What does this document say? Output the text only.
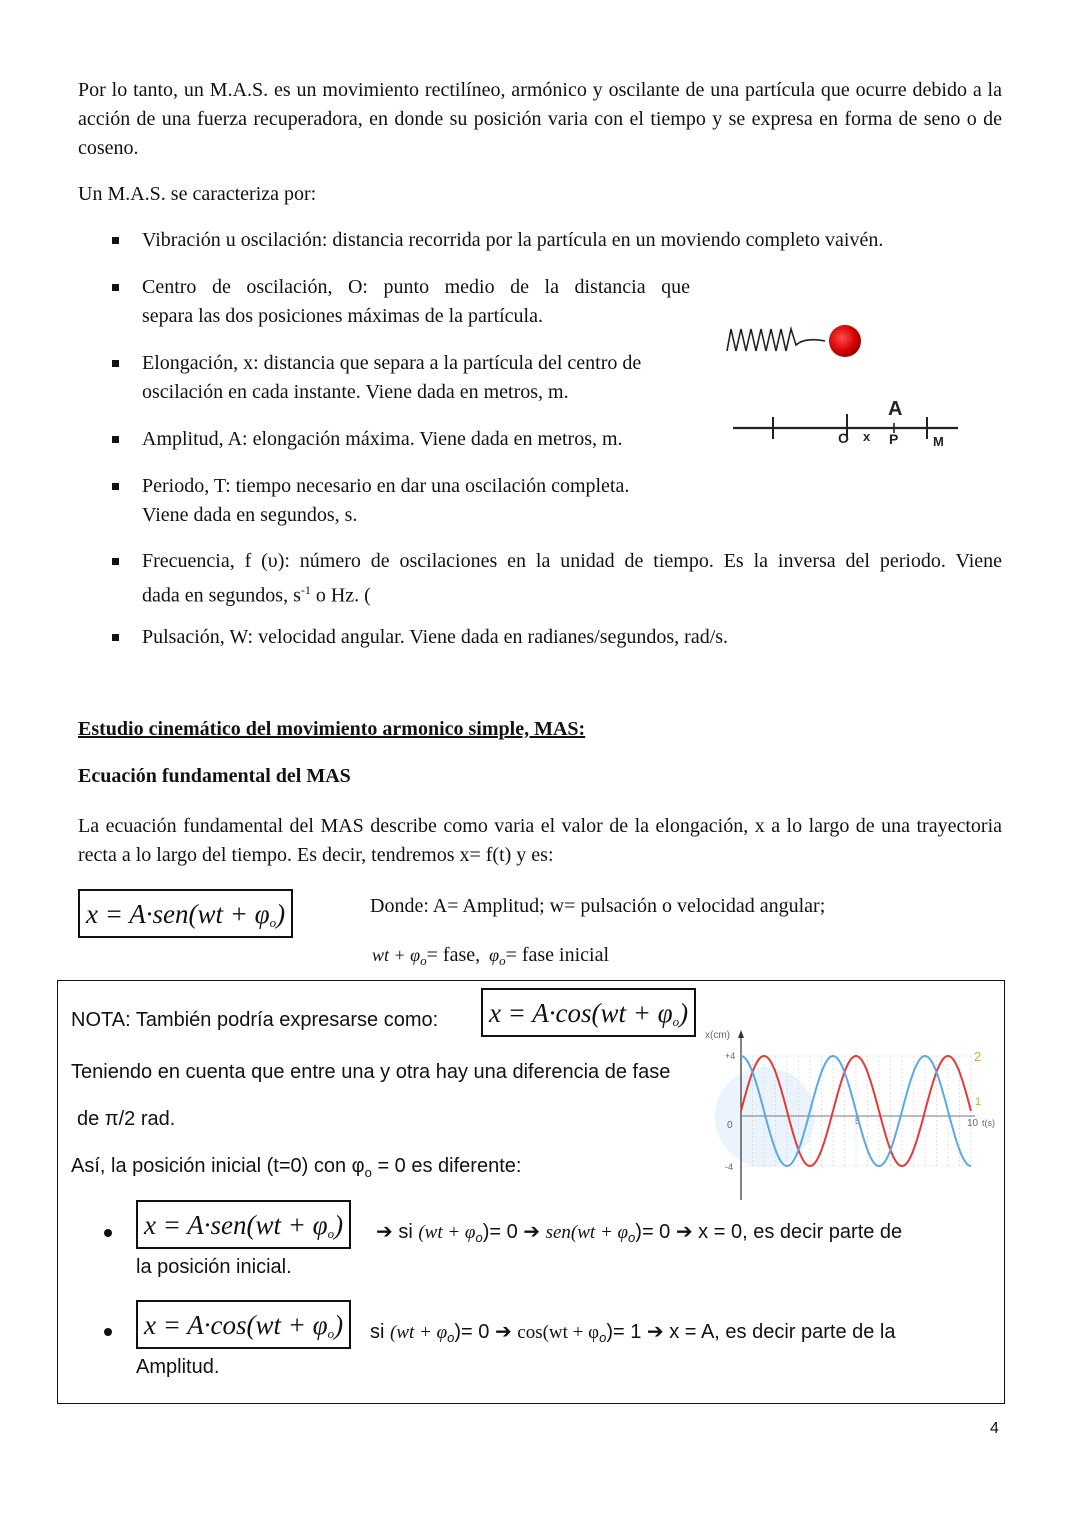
Por lo tanto, un M.A.S. es un movimiento rectilíneo, armónico y oscilante de una partícula que ocurre debido a la acción de una fuerza recuperadora, en donde su posición varia con el tiempo y se expresa en forma de seno o de coseno.

Un M.A.S. se caracteriza por:
Vibración u oscilación: distancia recorrida por la partícula en un moviendo completo vaivén.
Centro de oscilación, O: punto medio de la distancia que
separa las dos posiciones máximas de la partícula.
Elongación, x: distancia que separa a la partícula del centro de
oscilación en cada instante. Viene dada en metros, m.
Amplitud, A: elongación máxima. Viene dada en metros, m.
Periodo, T: tiempo necesario en dar una oscilación completa.
Viene dada en segundos, s.
Frecuencia, f (υ): número de oscilaciones en la unidad de tiempo. Es la inversa del periodo. Viene
dada en segundos, $s^{-1}$ o Hz. (
Pulsación, W: velocidad angular. Viene dada en radianes/segundos, rad/s.
A
O x P	M
Estudio cinemático del movimiento armonico simple, MAS:
Ecuación fundamental del MAS

La ecuación fundamental del MAS describe como varia el valor de la elongación, x a lo largo de una trayectoria recta a lo largo del tiempo. Es decir, tendremos x= f(t) y es:

$x = A\cdot sen(wt + \varphi_o)$	Donde: A= Amplitud; w= pulsación o velocidad angular;
wt + $\varphi_o=$ fase, $\varphi_o=$ fase inicial
NOTA: También podría expresarse como: $x = A\cdot\cos(wt + \varphi_o)$
Teniendo en cuenta que entre una y otra hay una diferencia de fase
de π/2 rad.
Así, la posición inicial (t=0) con $\varphi_o = 0$ es diferente:
x(cm)
+4
0
-4
5	10 t(s)
2
1
$x = A\cdot sen(wt + \varphi_o)$	➔ si $(wt + \varphi_o)= 0$ ➔ $sen(wt + \varphi_o)= 0$ ➔ x = 0, es decir parte de
la posición inicial.
$x = A\cdot\cos(wt + \varphi_o)$	si $(wt + \varphi_o)= 0$ ➔ $\cos(wt + \varphi_o)= 1$ ➔ x = A, es decir parte de la
Amplitud.
4
